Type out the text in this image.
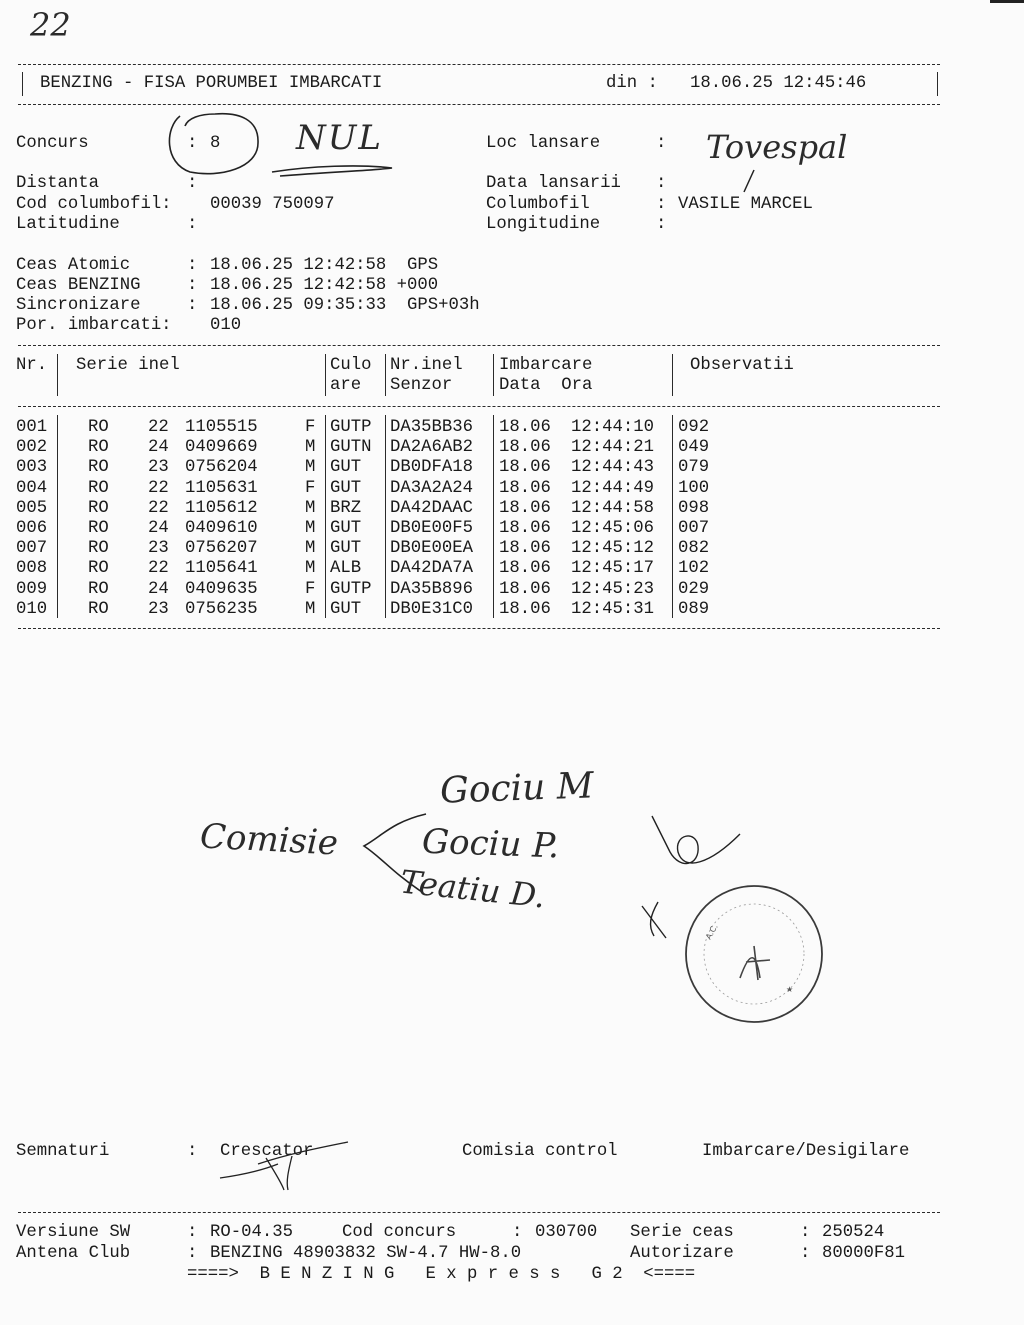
22
BENZING - FISA PORUMBEI IMBARCATI	din : 18.06.25 12:45:46
Concurs	: 8 NUL	Loc lansare	: Tovespal
Distanta	:	Data lansarii :
Cod columbofil: 00039 750097	Columbofil	: VASILE MARCEL
Latitudine	:	Longitudine	:
Ceas Atomic	: 18.06.25 12:42:58  GPS
Ceas BENZING	: 18.06.25 12:42:58 +000
Sincronizare	: 18.06.25 09:35:33  GPS+03h
Por. imbarcati: 010
Nr. Serie inel	Culo
are
Nr.inel
Senzor
Imbarcare
Data  Ora
Observatii
001 RO 22 1105515	F GUTP DA35BB36 18.06 12:44:10 092
002 RO 24 0409669	M GUTN DA2A6AB2 18.06 12:44:21 049
003 RO 23 0756204	M GUT DB0DFA18 18.06 12:44:43 079
004 RO 22 1105631	F GUT DA3A2A24 18.06 12:44:49 100
005 RO 22 1105612	M BRZ DA42DAAC 18.06 12:44:58 098
006 RO 24 0409610	M GUT DB0E00F5 18.06 12:45:06 007
007 RO 23 0756207	M GUT DB0E00EA 18.06 12:45:12 082
008 RO 22 1105641	M ALB DA42DA7A 18.06 12:45:17 102
009 RO 24 0409635	F GUTP DA35B896 18.06 12:45:23 029
010 RO 23 0756235	M GUT DB0E31C0 18.06 12:45:31 089
Gociu M
Comisie Gociu P.
Teatiu D.
A.C.
★
Semnaturi	: Crescator	Comisia control	Imbarcare/Desigilare
Versiune SW	: RO-04.35	Cod concurs	: 030700 Serie ceas	: 250524
Antena Club	: BENZING 48903832 SW-4.7 HW-8.0	Autorizare	: 80000F81
====>  B E N Z I N G   E x p r e s s   G 2  <====
